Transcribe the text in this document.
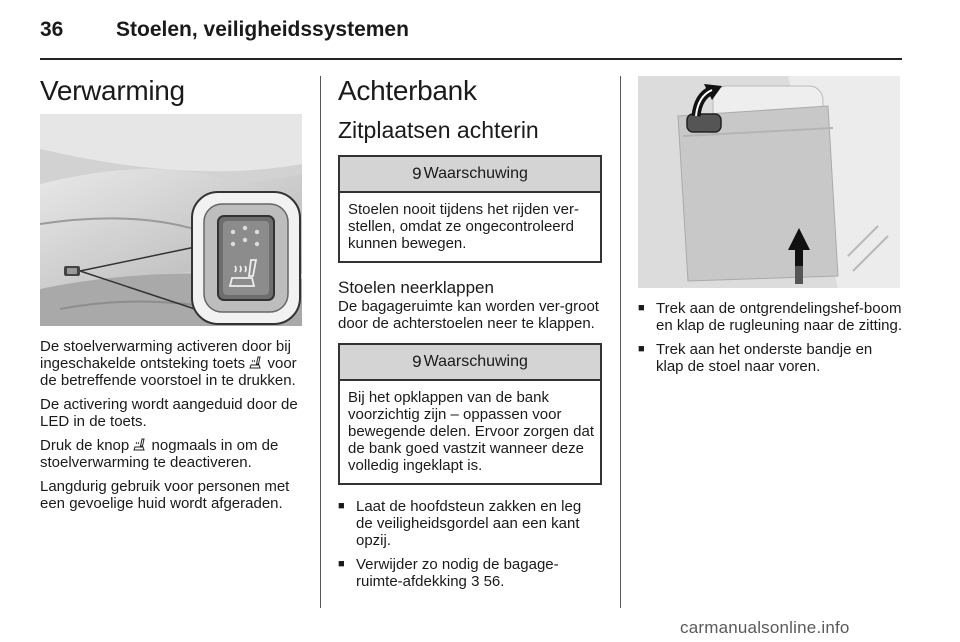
36	Stoelen, veiligheidssystemen
Verwarming

De stoelverwarming activeren door bij ingeschakelde ontsteking toets  voor de betreffende voorstoel in te drukken.

De activering wordt aangeduid door de LED in de toets.

Druk de knop  nogmaals in om de stoelverwarming te deactiveren.

Langdurig gebruik voor personen met een gevoelige huid wordt afgeraden.

Achterbank
Zitplaatsen achterin
9 Waarschuwing
Stoelen nooit tijdens het rijden ver-stellen, omdat ze ongecontroleerd kunnen bewegen.
Stoelen neerklappen

De bagageruimte kan worden ver-groot door de achterstoelen neer te klappen.

9 Waarschuwing
Bij het opklappen van de bank voorzichtig zijn – oppassen voor bewegende delen. Ervoor zorgen dat de bank goed vastzit wanneer deze volledig ingeklapt is.
■ Laat de hoofdsteun zakken en leg de veiligheidsgordel aan een kant opzij.
■ Verwijder zo nodig de bagage-ruimte-afdekking 3 56.
■ Trek aan de ontgrendelingshef-boom en klap de rugleuning naar de zitting.
■ Trek aan het onderste bandje en klap de stoel naar voren.
carmanualsonline.info
